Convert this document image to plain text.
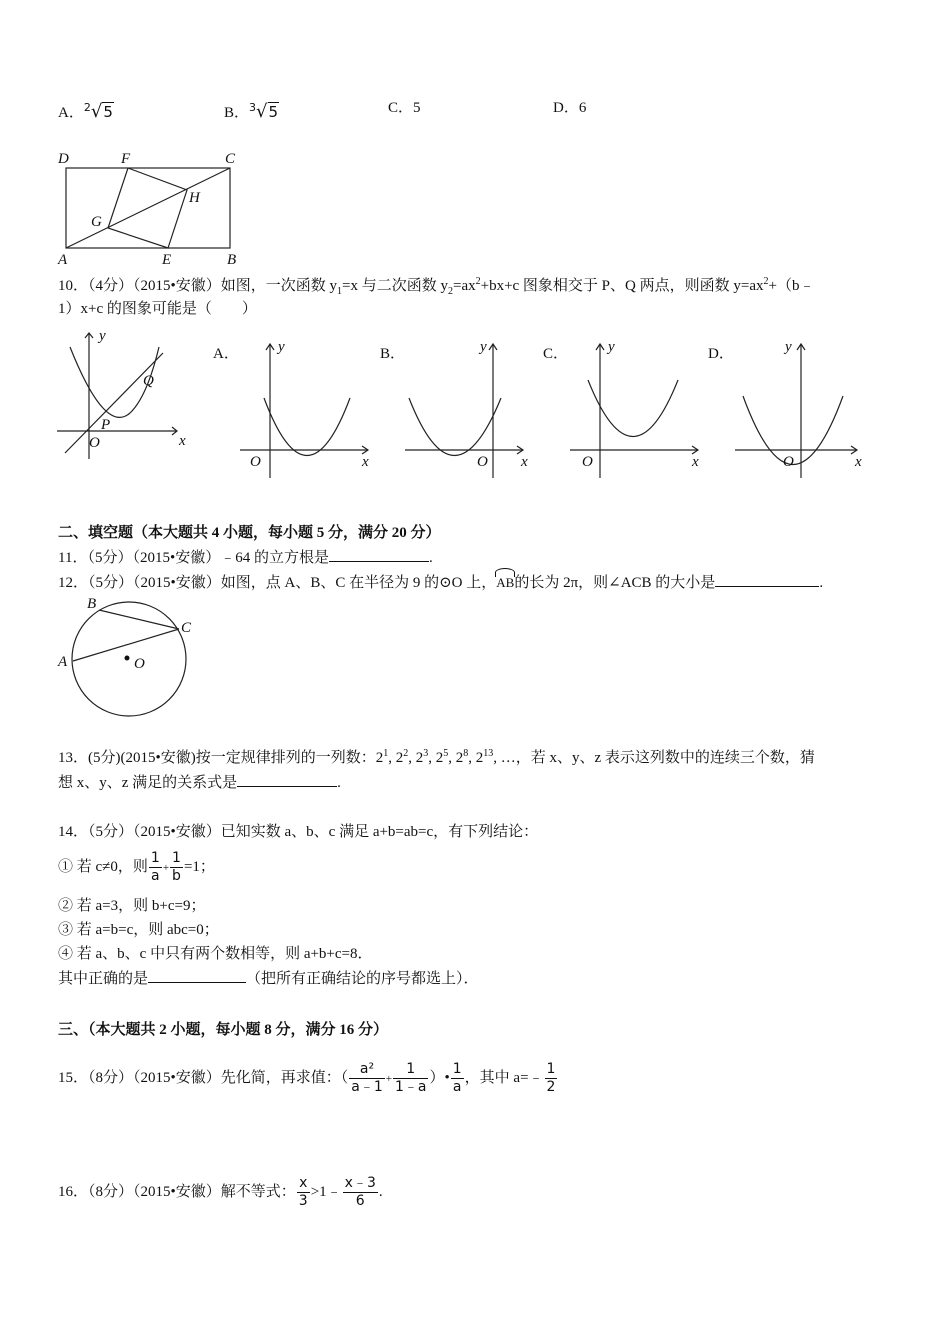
A．$^2$√5	B．$^3$√5	C．5	D．6
D	F	C
G
H
A	E	B
10．（4分）（2015•安徽）如图，一次函数 $y_1=x$ 与二次函数 $y_2=ax^2+bx+c$ 图象相交于 P、Q 两点，则函数 $y=ax^2+(b﹣$
1）x+c 的图象可能是（　　）
y
x
O
P
Q
A．	y
x
O
B．	y
x
O
C．	y
x
O
D．	y
x
O
二、填空题（本大题共 4 小题，每小题 5 分，满分 20 分）
11．（5分）（2015•安徽）﹣64 的立方根是	.
12．（5分）（2015•安徽）如图，点 A、B、C 在半径为 9 的⊙O 上，AB的长为 2π，则∠ACB 的大小是	.
B
C
A	O
13．(5分)(2015•安徽)按一定规律排列的一列数：$2^1$, $2^2$, $2^3$, $2^5$, $2^8$, $2^{13}$, …，若 x、y、z 表示这列数中的连续三个数，猜
想 x、y、z 满足的关系式是	.
14．（5分）（2015•安徽）已知实数 a、b、c 满足 a+b=ab=c，有下列结论：
① 若 c≠0，则 $\frac{1}{a} + \frac{1}{b} =1$；
② 若 a=3，则 b+c=9；
③ 若 a=b=c，则 abc=0；
④ 若 a、b、c 中只有两个数相等，则 a+b+c=8．
其中正确的是	（把所有正确结论的序号都选上）．
三、（本大题共 2 小题，每小题 8 分，满分 16 分）
15．（8分）（2015•安徽）先化简，再求值：（ $\frac{\text{a²}}{a﹣1} + \frac{1}{1﹣a}$ ）• $\frac{1}{a}$ ，其中 a=﹣ $\frac{1}{2}$
16．（8分）（2015•安徽）解不等式： $\frac{x}{3}$ >1﹣ $\frac{x﹣3}{6}$ .
